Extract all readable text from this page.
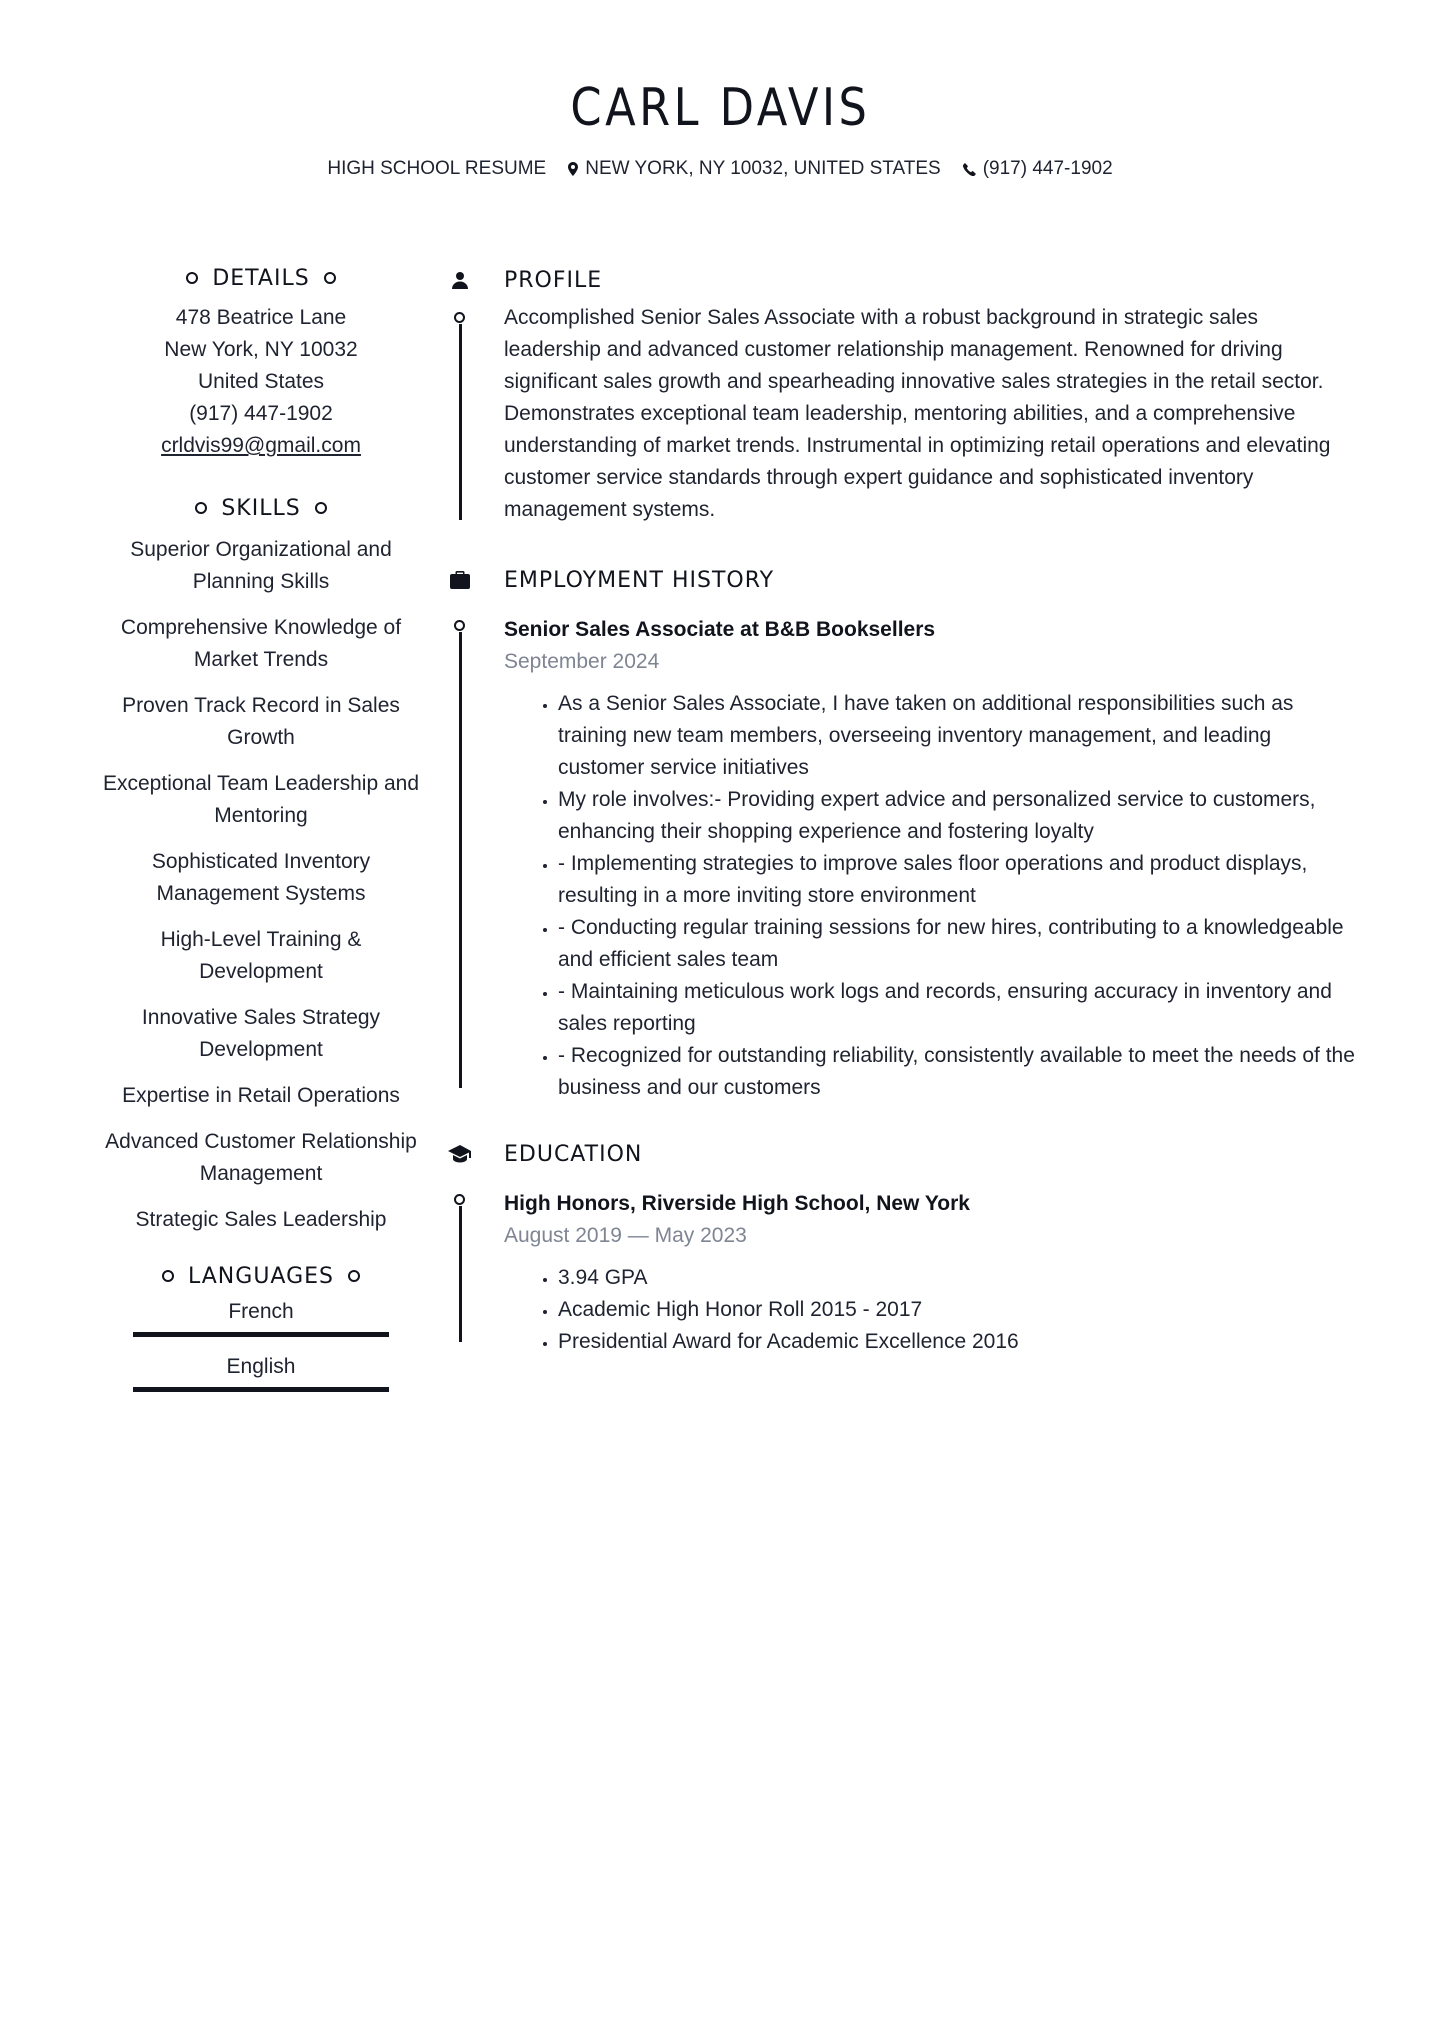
CARL DAVIS
HIGH SCHOOL RESUME NEW YORK, NY 10032, UNITED STATES (917) 447-1902
DETAILS
478 Beatrice Lane
New York, NY 10032
United States
(917) 447-1902
crldvis99@gmail.com
SKILLS
Superior Organizational and Planning Skills
Comprehensive Knowledge of Market Trends
Proven Track Record in Sales Growth
Exceptional Team Leadership and Mentoring
Sophisticated Inventory Management Systems
High-Level Training & Development
Innovative Sales Strategy Development
Expertise in Retail Operations
Advanced Customer Relationship Management
Strategic Sales Leadership
LANGUAGES
French
English
PROFILE
Accomplished Senior Sales Associate with a robust background in strategic sales leadership and advanced customer relationship management. Renowned for driving significant sales growth and spearheading innovative sales strategies in the retail sector. Demonstrates exceptional team leadership, mentoring abilities, and a comprehensive understanding of market trends. Instrumental in optimizing retail operations and elevating customer service standards through expert guidance and sophisticated inventory management systems.
EMPLOYMENT HISTORY
Senior Sales Associate at B&B Booksellers
September 2024
• As a Senior Sales Associate, I have taken on additional responsibilities such as training new team members, overseeing inventory management, and leading customer service initiatives
• My role involves:- Providing expert advice and personalized service to customers, enhancing their shopping experience and fostering loyalty
• - Implementing strategies to improve sales floor operations and product displays, resulting in a more inviting store environment
• - Conducting regular training sessions for new hires, contributing to a knowledgeable and efficient sales team
• - Maintaining meticulous work logs and records, ensuring accuracy in inventory and sales reporting
• - Recognized for outstanding reliability, consistently available to meet the needs of the business and our customers
EDUCATION
High Honors, Riverside High School, New York
August 2019 — May 2023
• 3.94 GPA
• Academic High Honor Roll 2015 - 2017
• Presidential Award for Academic Excellence 2016
